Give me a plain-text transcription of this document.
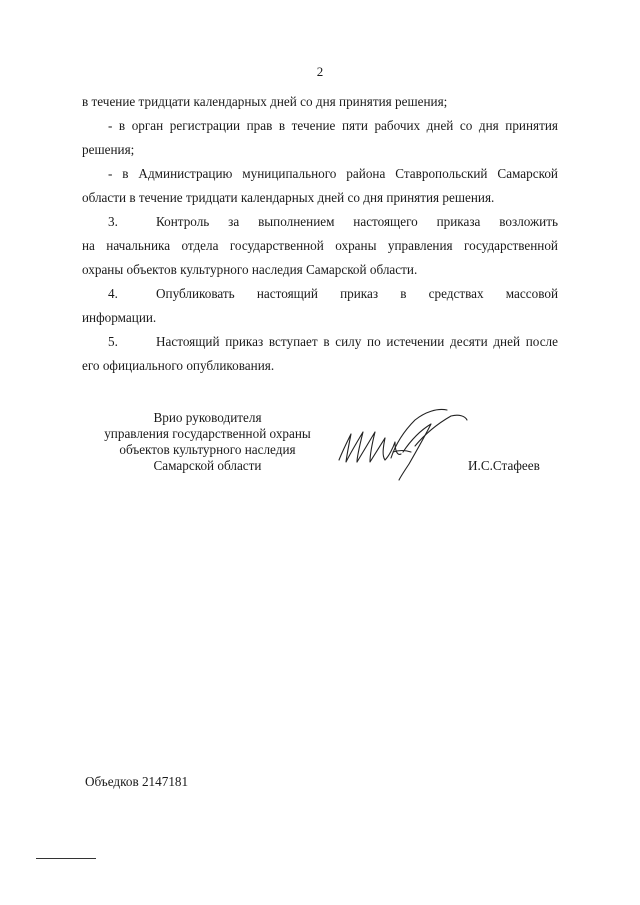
2
в течение тридцати календарных дней со дня принятия решения;
- в орган регистрации прав в течение пяти рабочих дней со дня принятия
решения;
- в Администрацию муниципального района Ставропольский Самарской
области в течение тридцати календарных дней со дня принятия решения.
3.	Контроль за выполнением настоящего приказа возложить
на начальника отдела государственной охраны управления государственной
охраны объектов культурного наследия Самарской области.
4.	Опубликовать настоящий приказ в средствах массовой
информации.
5.	Настоящий приказ вступает в силу по истечении десяти дней после
его официального опубликования.
Врио руководителя
управления государственной охраны
объектов культурного наследия
Самарской области	И.С.Стафеев
Объедков 2147181
